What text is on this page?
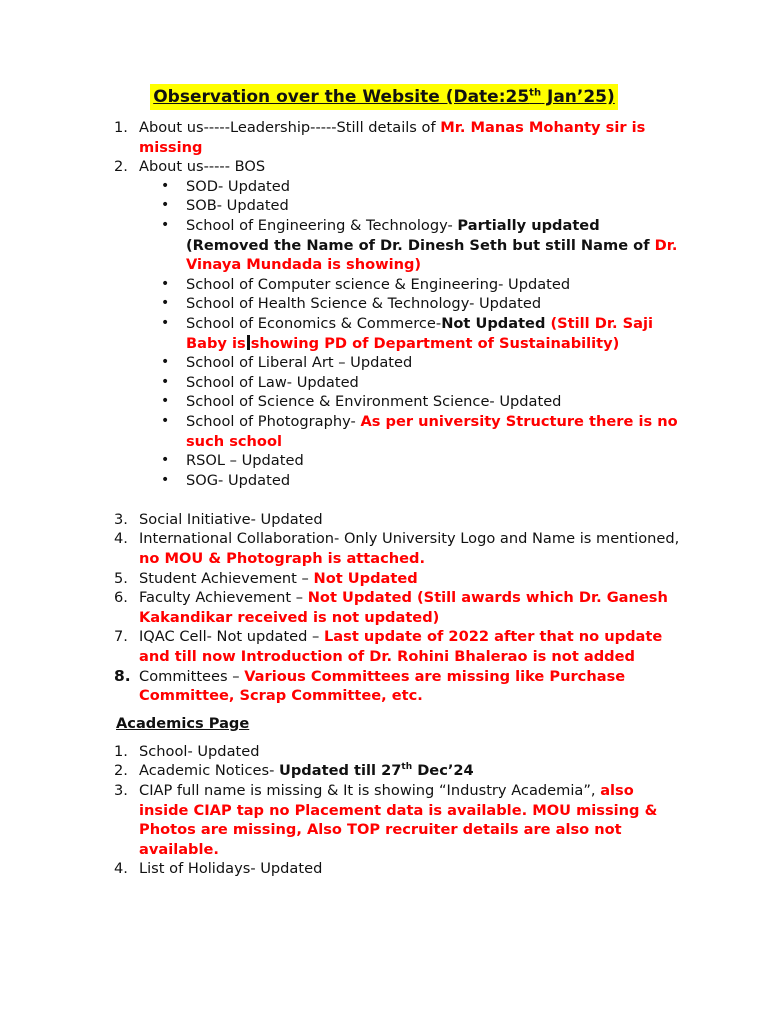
Observation over the Website (Date:25th Jan’25)
1. About us-----Leadership-----Still details of Mr. Manas Mohanty sir is missing
2. About us----- BOS
• SOD- Updated
• SOB- Updated
• School of Engineering & Technology- Partially updated (Removed the Name of Dr. Dinesh Seth but still Name of Dr. Vinaya Mundada is showing)
• School of Computer science & Engineering- Updated
• School of Health Science & Technology- Updated
• School of Economics & Commerce-Not Updated (Still Dr. Saji Baby is showing PD of Department of Sustainability)
• School of Liberal Art – Updated
• School of Law- Updated
• School of Science & Environment Science- Updated
• School of Photography- As per university Structure there is no such school
• RSOL – Updated
• SOG- Updated
3. Social Initiative- Updated
4. International Collaboration- Only University Logo and Name is mentioned, no MOU & Photograph is attached.
5. Student Achievement – Not Updated
6. Faculty Achievement – Not Updated (Still awards which Dr. Ganesh Kakandikar received is not updated)
7. IQAC Cell- Not updated – Last update of 2022 after that no update and till now Introduction of Dr. Rohini Bhalerao is not added
8. Committees – Various Committees are missing like Purchase Committee, Scrap Committee, etc.
Academics Page
1. School- Updated
2. Academic Notices- Updated till 27th Dec’24
3. CIAP full name is missing & It is showing “Industry Academia”, also inside CIAP tap no Placement data is available. MOU missing & Photos are missing, Also TOP recruiter details are also not available.
4. List of Holidays- Updated
